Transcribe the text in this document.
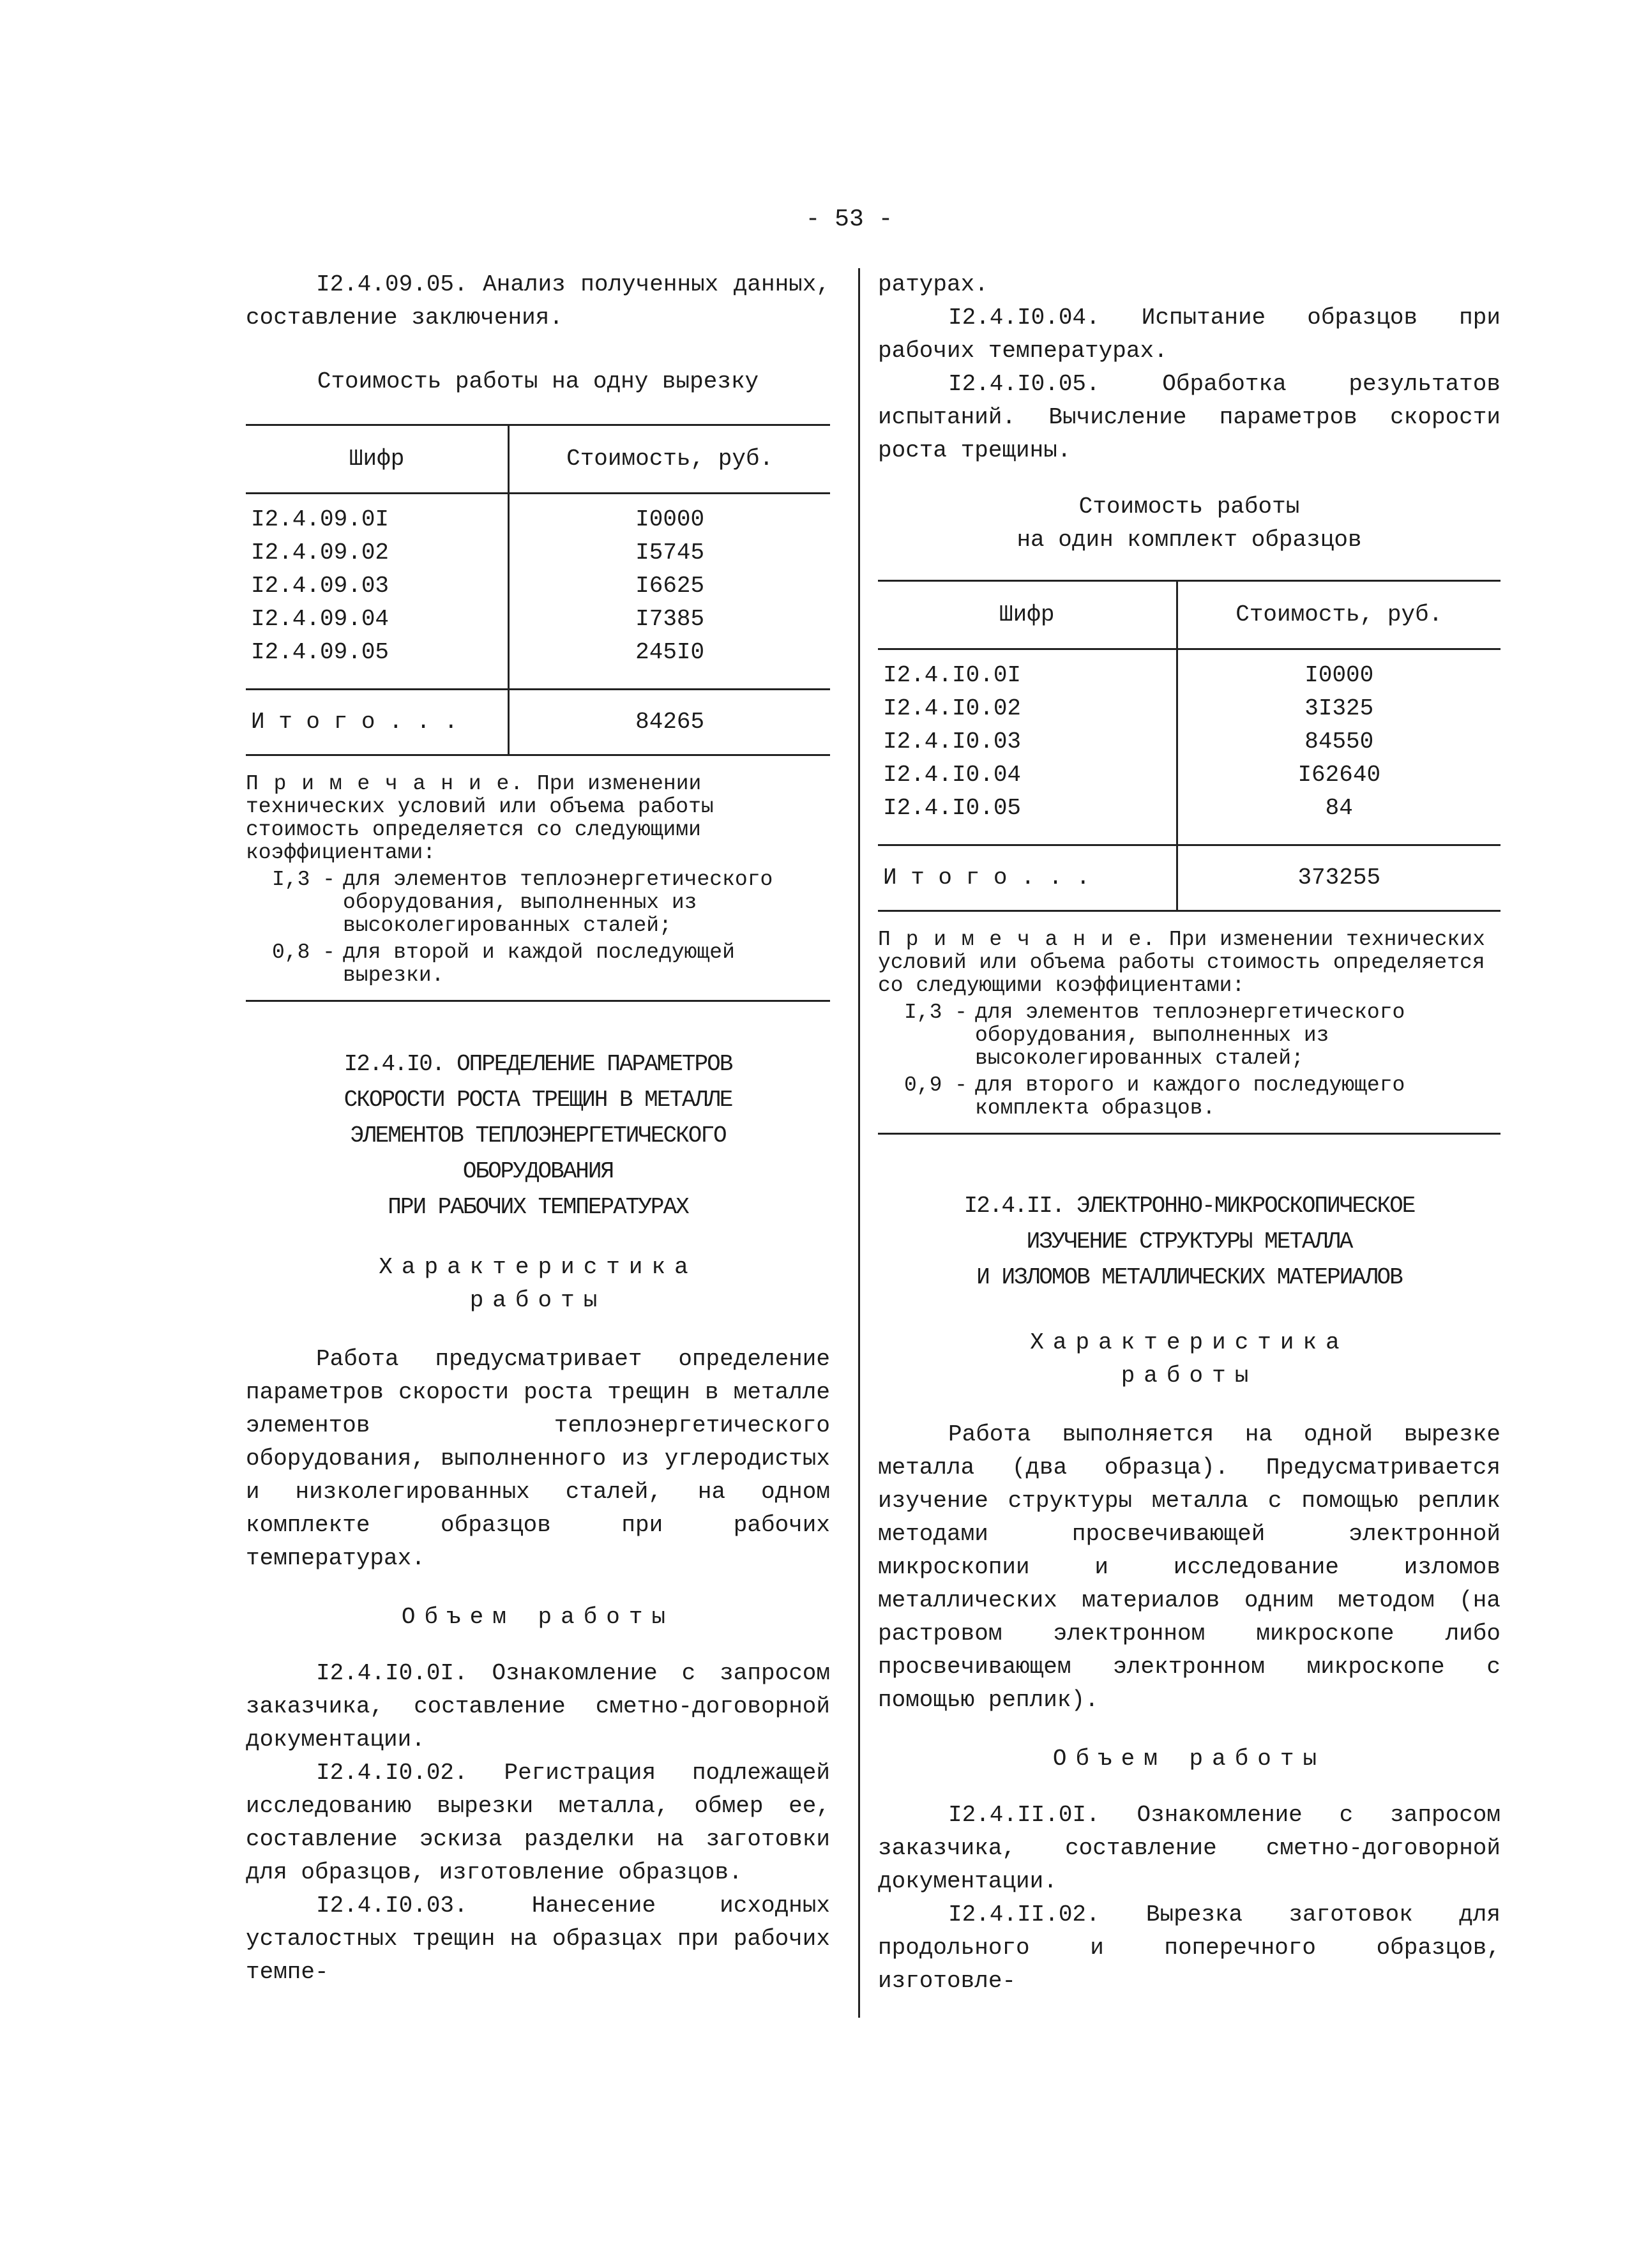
- 53 -

I2.4.09.05. Анализ полученных данных, составление заключения.

Стоимость работы на одну вырезку

Шифр	Стоимость, руб.
I2.4.09.0I	I0000
I2.4.09.02	I5745
I2.4.09.03	I6625
I2.4.09.04	I7385
I2.4.09.05	245I0
И т о г о . . .	84265

П р и м е ч а н и е. При изменении технических условий или объема работы стоимость определяется со следующими коэффициентами:

I,3 - для элементов теплоэнергетического оборудования, выполненных из высоколегированных сталей;
0,8 - для второй и каждой последующей вырезки.
I2.4.I0. ОПРЕДЕЛЕНИЕ ПАРАМЕТРОВ
СКОРОСТИ РОСТА ТРЕЩИН В МЕТАЛЛЕ
ЭЛЕМЕНТОВ ТЕПЛОЭНЕРГЕТИЧЕСКОГО
ОБОРУДОВАНИЯ
ПРИ РАБОЧИХ ТЕМПЕРАТУРАХ

Характеристика

работы

Работа предусматривает определение параметров скорости роста трещин в металле элементов теплоэнергетического оборудования, выполненного из углеродистых и низколегированных сталей, на одном комплекте образцов при рабочих температурах.

Объем работы

I2.4.I0.0I. Ознакомление с запросом заказчика, составление сметно-договорной документации.

I2.4.I0.02. Регистрация подлежащей исследованию вырезки металла, обмер ее, составление эскиза разделки на заготовки для образцов, изготовление образцов.

I2.4.I0.03. Нанесение исходных усталостных трещин на образцах при рабочих темпе-

ратурах.

I2.4.I0.04. Испытание образцов при рабочих температурах.

I2.4.I0.05. Обработка результатов испытаний. Вычисление параметров скорости роста трещины.

Стоимость работы

на один комплект образцов

Шифр	Стоимость, руб.
I2.4.I0.0I	I0000
I2.4.I0.02	3I325
I2.4.I0.03	84550
I2.4.I0.04	I62640
I2.4.I0.05	84
И т о г о . . .	373255

П р и м е ч а н и е. При изменении технических условий или объема работы стоимость определяется со следующими коэффициентами:

I,3 - для элементов теплоэнергетического оборудования, выполненных из высоколегированных сталей;
0,9 - для второго и каждого последующего комплекта образцов.
I2.4.II. ЭЛЕКТРОННО-МИКРОСКОПИЧЕСКОЕ
ИЗУЧЕНИЕ СТРУКТУРЫ МЕТАЛЛА
И ИЗЛОМОВ МЕТАЛЛИЧЕСКИХ МАТЕРИАЛОВ

Характеристика

работы

Работа выполняется на одной вырезке металла (два образца). Предусматривается изучение структуры металла с помощью реплик методами просвечивающей электронной микроскопии и исследование изломов металлических материалов одним методом (на растровом электронном микроскопе либо просвечивающем электронном микроскопе с помощью реплик).

Объем работы

I2.4.II.0I. Ознакомление с запросом заказчика, составление сметно-договорной документации.

I2.4.II.02. Вырезка заготовок для продольного и поперечного образцов, изготовле-
